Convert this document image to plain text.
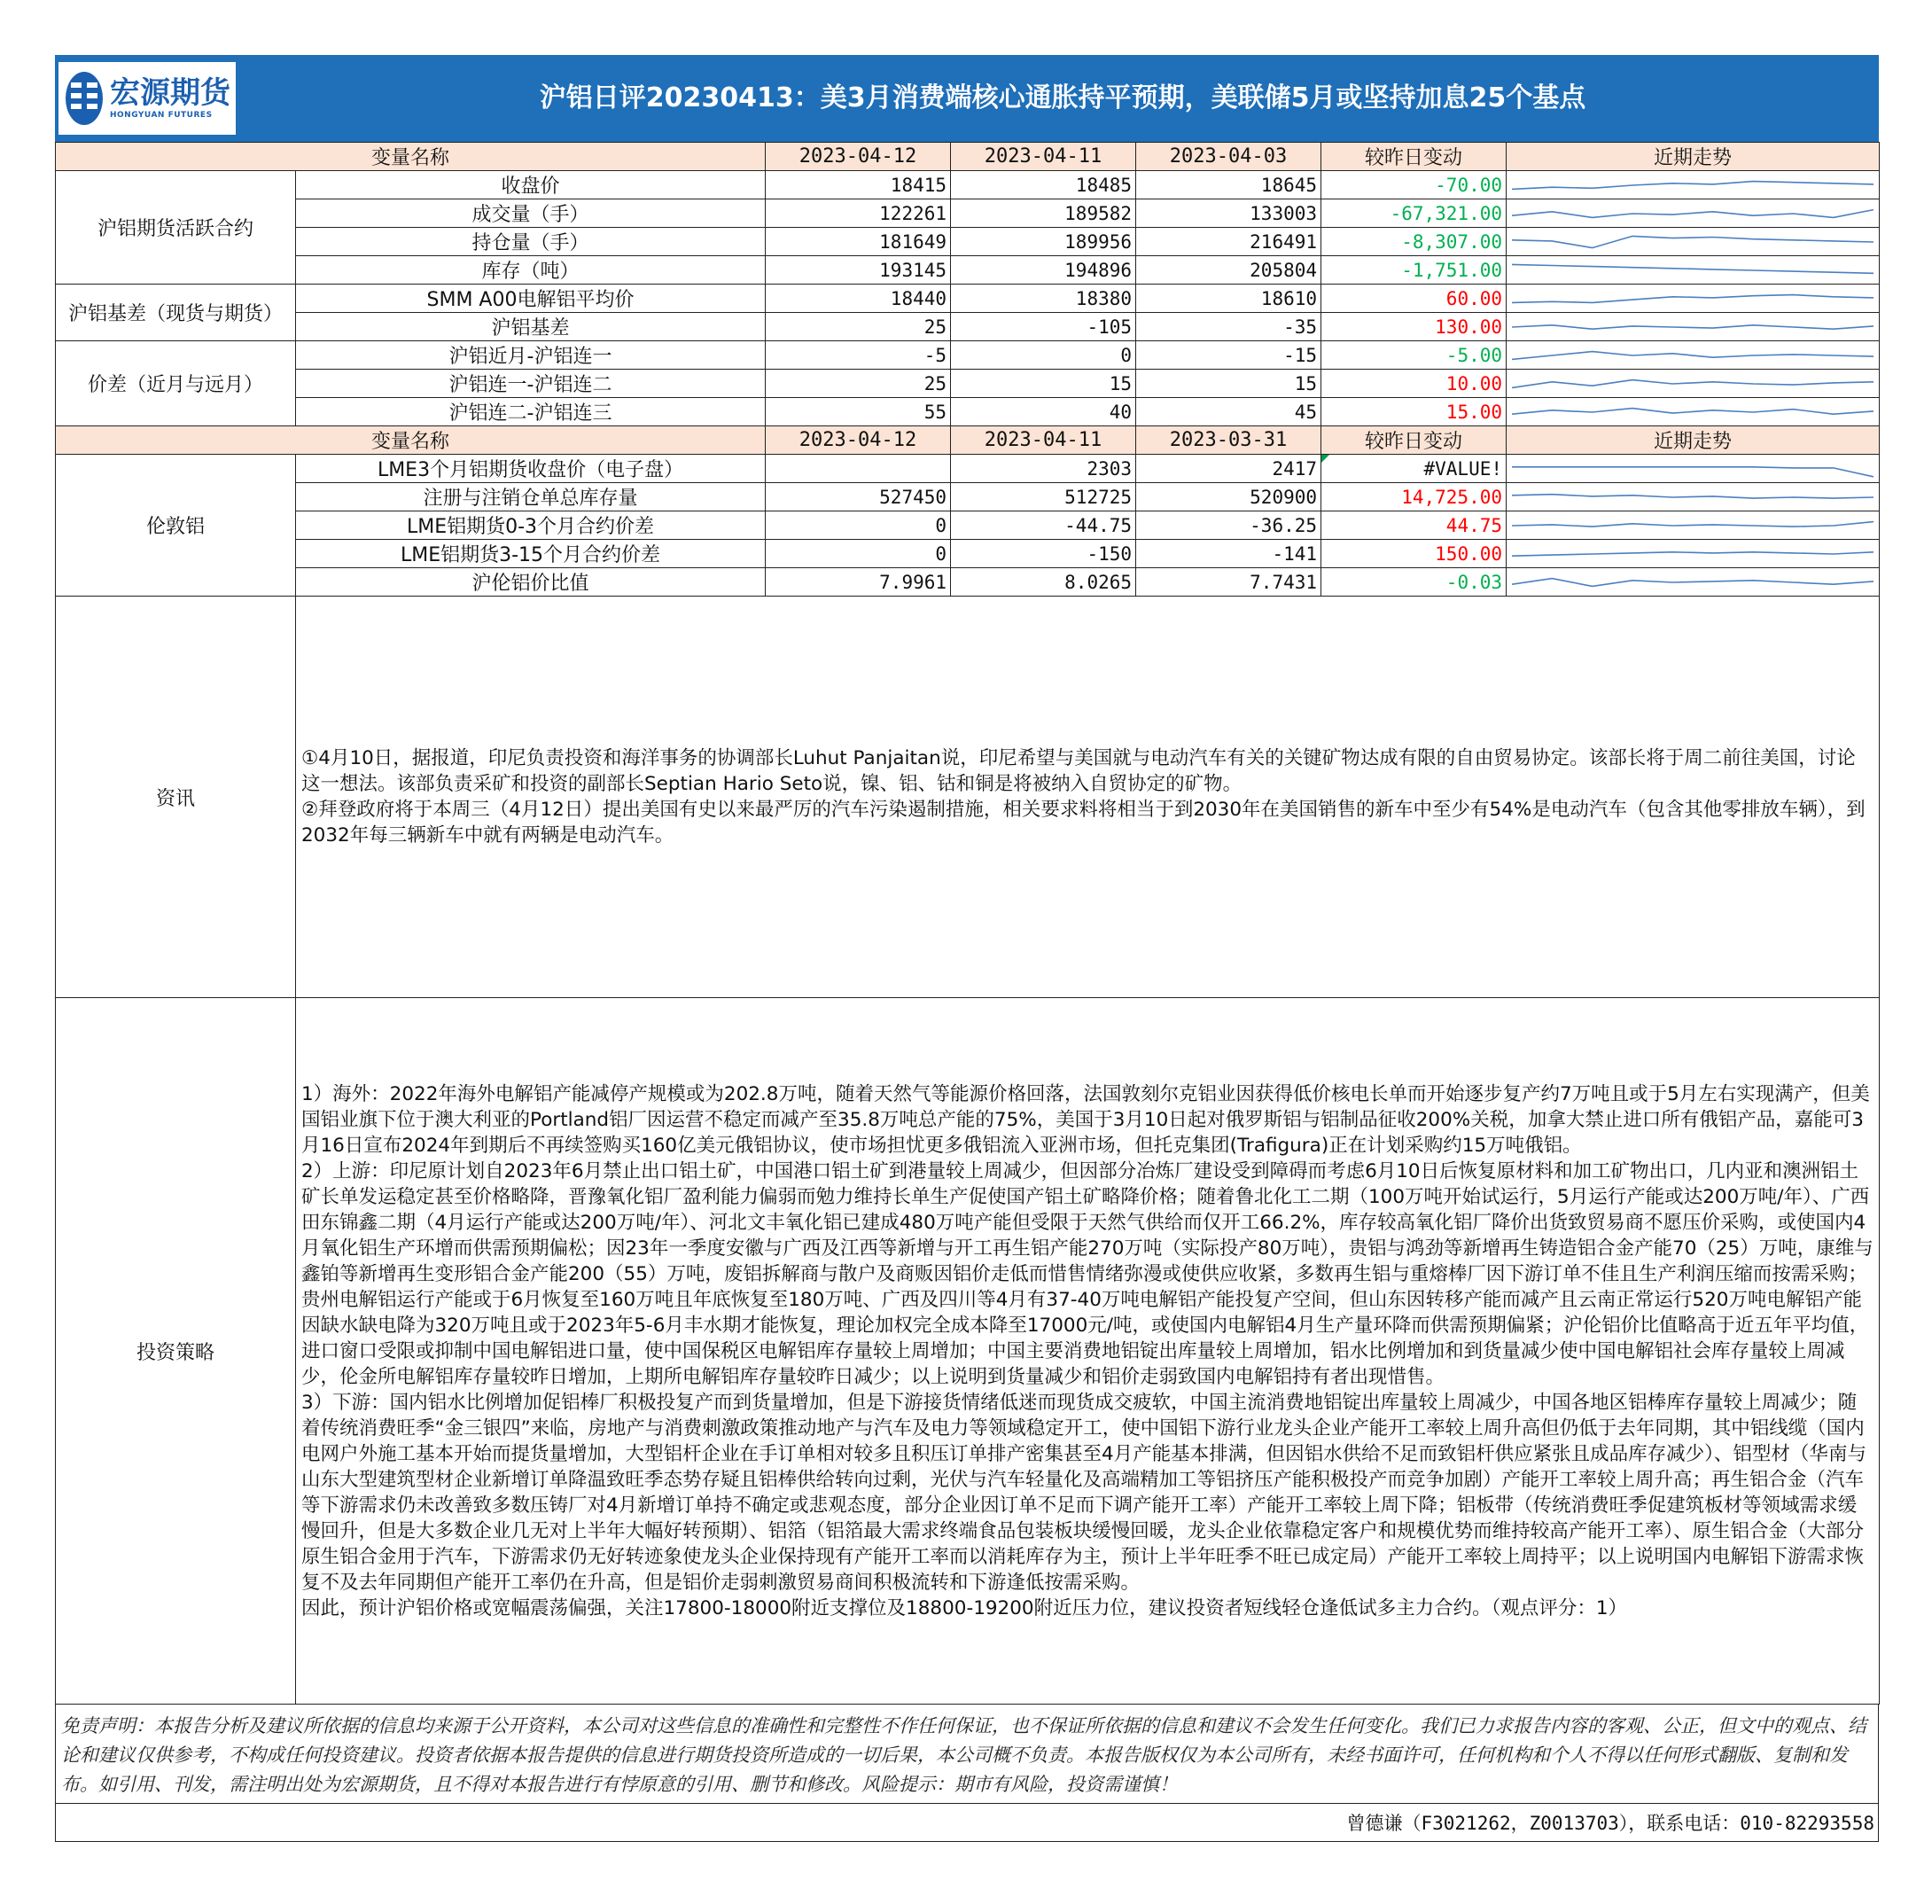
宏源期货
HONGYUAN FUTURES
沪铝日评20230413：美3月消费端核心通胀持平预期，美联储5月或坚持加息25个基点
变量名称		2023-04-12	2023-04-11	2023-04-03	较昨日变动	近期走势
沪铝期货活跃合约	收盘价	18415	18485	18645	-70.00	

	成交量（手）	122261	189582	133003	-67,321.00	

	持仓量（手）	181649	189956	216491	-8,307.00	

	库存（吨）	193145	194896	205804	-1,751.00	

沪铝基差（现货与期货）	SMM A00电解铝平均价	18440	18380	18610	60.00	

	沪铝基差	25	-105	-35	130.00	

价差（近月与远月）	沪铝近月-沪铝连一	-5	0	-15	-5.00	

	沪铝连一-沪铝连二	25	15	15	10.00	

	沪铝连二-沪铝连三	55	40	45	15.00	

变量名称		2023-04-12	2023-04-11	2023-03-31	较昨日变动	近期走势
伦敦铝	LME3个月铝期货收盘价（电子盘）		2303	2417	#VALUE!

	注册与注销仓单总库存量	527450	512725	520900	14,725.00	

	LME铝期货0-3个月合约价差	0	-44.75	-36.25	44.75	

	LME铝期货3-15个月合约价差	0	-150	-141	150.00	

	沪伦铝价比值	7.9961	8.0265	7.7431	-0.03	

资讯	①4月10日，据报道，印尼负责投资和海洋事务的协调部长Luhut Panjaitan说，印尼希望与美国就与电动汽车有关的关键矿物达成有限的自由贸易协定。该部长将于周二前往美国，讨论这一想法。该部负责采矿和投资的副部长Septian Hario Seto说，镍、铝、钴和铜是将被纳入自贸协定的矿物。
②拜登政府将于本周三（4月12日）提出美国有史以来最严厉的汽车污染遏制措施，相关要求料将相当于到2030年在美国销售的新车中至少有54%是电动汽车（包含其他零排放车辆），到2032年每三辆新车中就有两辆是电动汽车。					

投资策略	1）海外：2022年海外电解铝产能减停产规模或为202.8万吨，随着天然气等能源价格回落，法国敦刻尔克铝业因获得低价核电长单而开始逐步复产约7万吨且或于5月左右实现满产，但美国铝业旗下位于澳大利亚的Portland铝厂因运营不稳定而减产至35.8万吨总产能的75%，美国于3月10日起对俄罗斯铝与铝制品征收200%关税，加拿大禁止进口所有俄铝产品，嘉能可3月16日宣布2024年到期后不再续签购买160亿美元俄铝协议，使市场担忧更多俄铝流入亚洲市场，但托克集团(Trafigura)正在计划采购约15万吨俄铝。
2）上游：印尼原计划自2023年6月禁止出口铝土矿，中国港口铝土矿到港量较上周减少，但因部分冶炼厂建设受到障碍而考虑6月10日后恢复原材料和加工矿物出口，几内亚和澳洲铝土矿长单发运稳定甚至价格略降，晋豫氧化铝厂盈利能力偏弱而勉力维持长单生产促使国产铝土矿略降价格；随着鲁北化工二期（100万吨开始试运行，5月运行产能或达200万吨/年）、广西田东锦鑫二期（4月运行产能或达200万吨/年）、河北文丰氧化铝已建成480万吨产能但受限于天然气供给而仅开工66.2%，库存较高氧化铝厂降价出货致贸易商不愿压价采购，或使国内4月氧化铝生产环增而供需预期偏松；因23年一季度安徽与广西及江西等新增与开工再生铝产能270万吨（实际投产80万吨），贵铝与鸿劲等新增再生铸造铝合金产能70（25）万吨，康维与鑫铂等新增再生变形铝合金产能200（55）万吨，废铝拆解商与散户及商贩因铝价走低而惜售情绪弥漫或使供应收紧，多数再生铝与重熔棒厂因下游订单不佳且生产利润压缩而按需采购；贵州电解铝运行产能或于6月恢复至160万吨且年底恢复至180万吨、广西及四川等4月有37-40万吨电解铝产能投复产空间，但山东因转移产能而减产且云南正常运行520万吨电解铝产能因缺水缺电降为320万吨且或于2023年5-6月丰水期才能恢复，理论加权完全成本降至17000元/吨，或使国内电解铝4月生产量环降而供需预期偏紧；沪伦铝价比值略高于近五年平均值，进口窗口受限或抑制中国电解铝进口量，使中国保税区电解铝库存量较上周增加；中国主要消费地铝锭出库量较上周增加，铝水比例增加和到货量减少使中国电解铝社会库存量较上周减少，伦金所电解铝库存量较昨日增加，上期所电解铝库存量较昨日减少；以上说明到货量减少和铝价走弱致国内电解铝持有者出现惜售。
3）下游：国内铝水比例增加促铝棒厂积极投复产而到货量增加，但是下游接货情绪低迷而现货成交疲软，中国主流消费地铝锭出库量较上周减少，中国各地区铝棒库存量较上周减少；随着传统消费旺季“金三银四”来临，房地产与消费刺激政策推动地产与汽车及电力等领域稳定开工，使中国铝下游行业龙头企业产能开工率较上周升高但仍低于去年同期，其中铝线缆（国内电网户外施工基本开始而提货量增加，大型铝杆企业在手订单相对较多且积压订单排产密集甚至4月产能基本排满，但因铝水供给不足而致铝杆供应紧张且成品库存减少）、铝型材（华南与山东大型建筑型材企业新增订单降温致旺季态势存疑且铝棒供给转向过剩，光伏与汽车轻量化及高端精加工等铝挤压产能积极投产而竞争加剧）产能开工率较上周升高；再生铝合金（汽车等下游需求仍未改善致多数压铸厂对4月新增订单持不确定或悲观态度，部分企业因订单不足而下调产能开工率）产能开工率较上周下降；铝板带（传统消费旺季促建筑板材等领域需求缓慢回升，但是大多数企业几无对上半年大幅好转预期）、铝箔（铝箔最大需求终端食品包装板块缓慢回暖，龙头企业依靠稳定客户和规模优势而维持较高产能开工率）、原生铝合金（大部分原生铝合金用于汽车，下游需求仍无好转迹象使龙头企业保持现有产能开工率而以消耗库存为主，预计上半年旺季不旺已成定局）产能开工率较上周持平；以上说明国内电解铝下游需求恢复不及去年同期但产能开工率仍在升高，但是铝价走弱刺激贸易商间积极流转和下游逢低按需采购。
因此，预计沪铝价格或宽幅震荡偏强，关注17800-18000附近支撑位及18800-19200附近压力位，建议投资者短线轻仓逢低试多主力合约。（观点评分：1）					
免责声明：本报告分析及建议所依据的信息均来源于公开资料，本公司对这些信息的准确性和完整性不作任何保证，也不保证所依据的信息和建议不会发生任何变化。我们已力求报告内容的客观、公正，但文中的观点、结论和建议仅供参考，不构成任何投资建议。投资者依据本报告提供的信息进行期货投资所造成的一切后果，本公司概不负责。本报告版权仅为本公司所有，未经书面许可，任何机构和个人不得以任何形式翻版、复制和发布。如引用、刊发，需注明出处为宏源期货，且不得对本报告进行有悖原意的引用、删节和修改。风险提示：期市有风险，投资需谨慎！
曾德谦（F3021262，Z0013703），联系电话：010-82293558
